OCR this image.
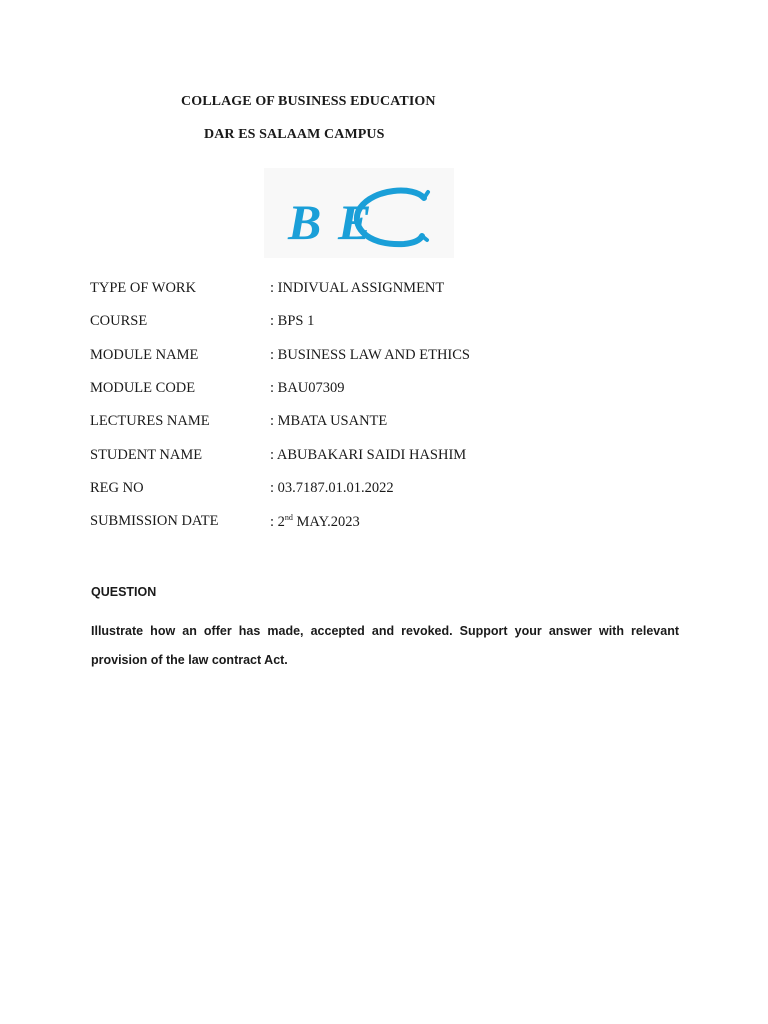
COLLAGE OF BUSINESS EDUCATION
DAR ES SALAAM CAMPUS
B E
TYPE OF WORK	: INDIVUAL ASSIGNMENT
COURSE	: BPS 1
MODULE NAME	: BUSINESS LAW AND ETHICS
MODULE CODE	: BAU07309
LECTURES NAME	: MBATA USANTE
STUDENT NAME	: ABUBAKARI SAIDI HASHIM
REG NO	: 03.7187.01.01.2022
SUBMISSION DATE	: 2nd MAY.2023
QUESTION
Illustrate how an offer has made, accepted and revoked. Support your answer with relevant
provision of the law contract Act.
